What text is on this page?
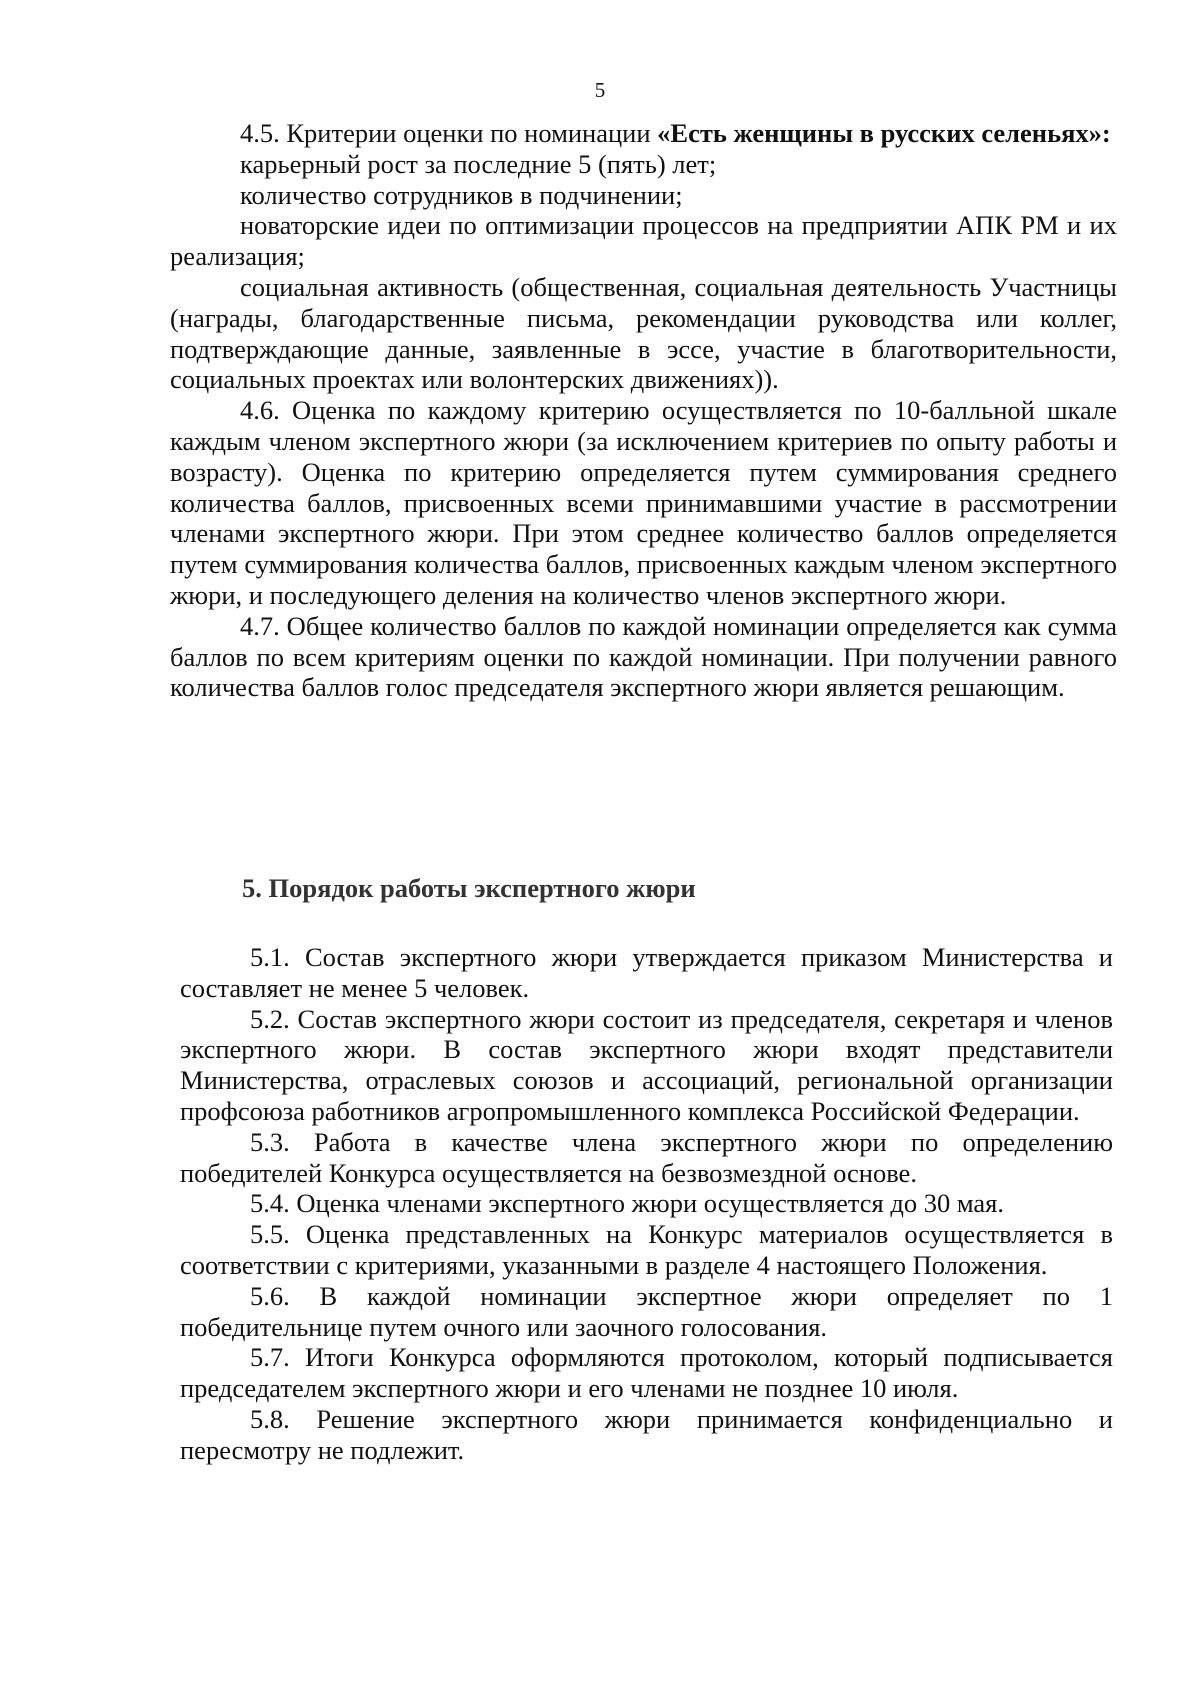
5

4.5. Критерии оценки по номинации «Есть женщины в русских селеньях»:

карьерный рост за последние 5 (пять) лет;

количество сотрудников в подчинении;

новаторские идеи по оптимизации процессов на предприятии АПК РМ и их реализация;

социальная активность (общественная, социальная деятельность Участницы (награды, благодарственные письма, рекомендации руководства или коллег, подтверждающие данные, заявленные в эссе, участие в благотворительности, социальных проектах или волонтерских движениях)).

4.6. Оценка по каждому критерию осуществляется по 10-балльной шкале каждым членом экспертного жюри (за исключением критериев по опыту работы и возрасту). Оценка по критерию определяется путем суммирования среднего количества баллов, присвоенных всеми принимавшими участие в рассмотрении членами экспертного жюри. При этом среднее количество баллов определяется путем суммирования количества баллов, присвоенных каждым членом экспертного жюри, и последующего деления на количество членов экспертного жюри.

4.7. Общее количество баллов по каждой номинации определяется как сумма баллов по всем критериям оценки по каждой номинации. При получении равного количества баллов голос председателя экспертного жюри является решающим.

5. Порядок работы экспертного жюри

5.1. Состав экспертного жюри утверждается приказом Министерства и составляет не менее 5 человек.

5.2. Состав экспертного жюри состоит из председателя, секретаря и членов экспертного жюри. В состав экспертного жюри входят представители Министерства, отраслевых союзов и ассоциаций, региональной организации профсоюза работников агропромышленного комплекса Российской Федерации.

5.3. Работа в качестве члена экспертного жюри по определению победителей Конкурса осуществляется на безвозмездной основе.

5.4. Оценка членами экспертного жюри осуществляется до 30 мая.

5.5. Оценка представленных на Конкурс материалов осуществляется в соответствии с критериями, указанными в разделе 4 настоящего Положения.

5.6. В каждой номинации экспертное жюри определяет по 1 победительнице путем очного или заочного голосования.

5.7. Итоги Конкурса оформляются протоколом, который подписывается председателем экспертного жюри и его членами не позднее 10 июля.

5.8. Решение экспертного жюри принимается конфиденциально и пересмотру не подлежит.
